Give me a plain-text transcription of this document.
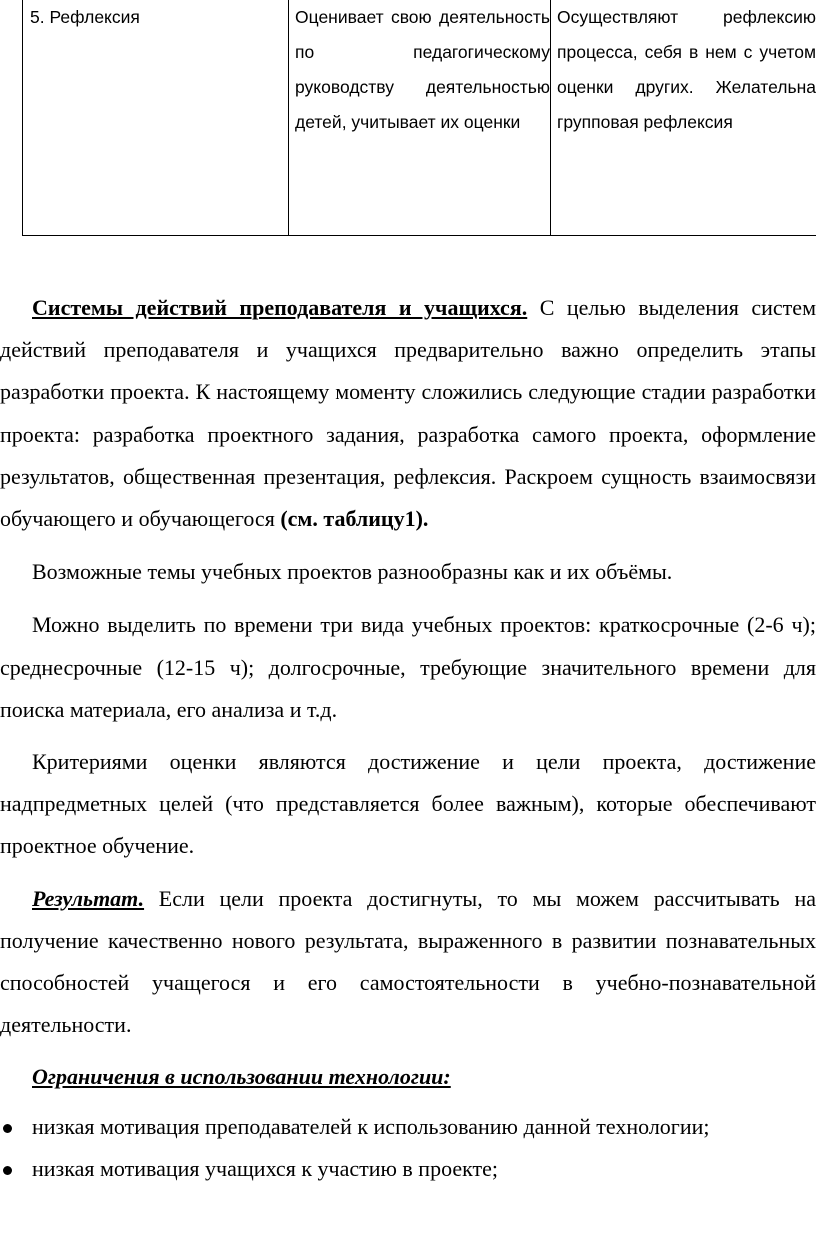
5. Рефлексия	Оценивает свою деятельность по педагогическому руководству деятельностью детей, учитывает их оценки	Осуществляют рефлексию процесса, себя в нем с учетом оценки других. Желательна групповая рефлексия

Системы действий преподавателя и учащихся. С целью выделения систем действий преподавателя и учащихся предварительно важно определить этапы разработки проекта. К настоящему моменту сложились следующие стадии разработки проекта: разработка проектного задания, разработка самого проекта, оформление результатов, общественная презентация, рефлексия. Раскроем сущность взаимосвязи обучающего и обучающегося (см. таблицу1).

Возможные темы учебных проектов разнообразны как и их объёмы.

Можно выделить по времени три вида учебных проектов: краткосрочные (2-6 ч); среднесрочные (12-15 ч); долгосрочные, требующие значительного времени для поиска материала, его анализа и т.д.

Критериями оценки являются достижение и цели проекта, достижение надпредметных целей (что представляется более важным), которые обеспечивают проектное обучение.

Результат. Если цели проекта достигнуты, то мы можем рассчитывать на получение качественно нового результата, выраженного в развитии познавательных способностей учащегося и его самостоятельности в учебно-познавательной деятельности.

Ограничения в использовании технологии:

низкая мотивация преподавателей к использованию данной технологии;
низкая мотивация учащихся к участию в проекте;
